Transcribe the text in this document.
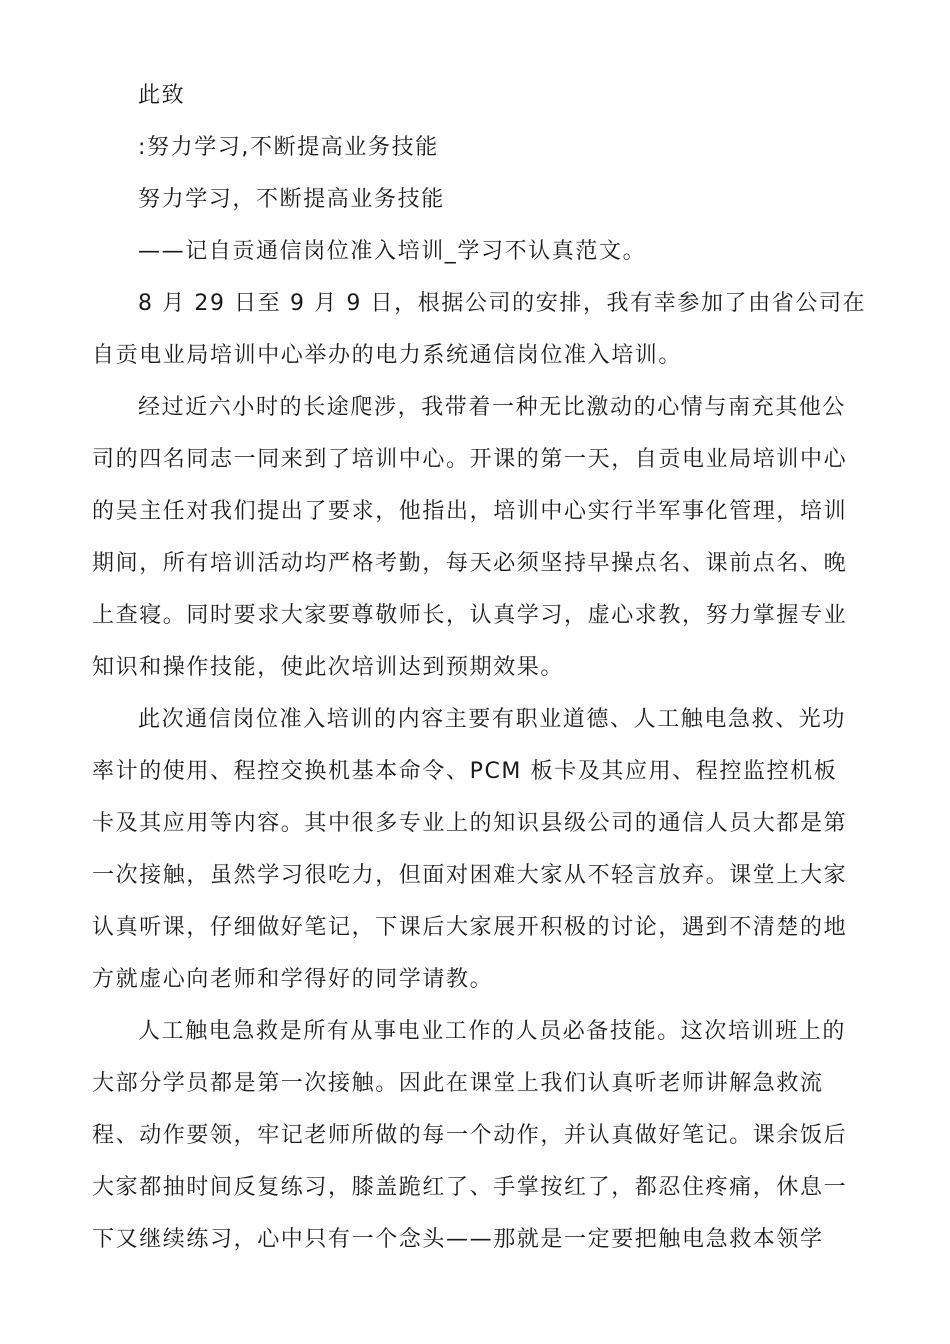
此致
:努力学习,不断提高业务技能
努力学习，不断提高业务技能
——记自贡通信岗位准入培训_学习不认真范文。
8 月 29 日至 9 月 9 日，根据公司的安排，我有幸参加了由省公司在
自贡电业局培训中心举办的电力系统通信岗位准入培训。
经过近六小时的长途爬涉，我带着一种无比激动的心情与南充其他公
司的四名同志一同来到了培训中心。开课的第一天，自贡电业局培训中心
的吴主任对我们提出了要求，他指出，培训中心实行半军事化管理，培训
期间，所有培训活动均严格考勤，每天必须坚持早操点名、课前点名、晚
上查寝。同时要求大家要尊敬师长，认真学习，虚心求教，努力掌握专业
知识和操作技能，使此次培训达到预期效果。
此次通信岗位准入培训的内容主要有职业道德、人工触电急救、光功
率计的使用、程控交换机基本命令、PCM 板卡及其应用、程控监控机板
卡及其应用等内容。其中很多专业上的知识县级公司的通信人员大都是第
一次接触，虽然学习很吃力，但面对困难大家从不轻言放弃。课堂上大家
认真听课，仔细做好笔记，下课后大家展开积极的讨论，遇到不清楚的地
方就虚心向老师和学得好的同学请教。
人工触电急救是所有从事电业工作的人员必备技能。这次培训班上的
大部分学员都是第一次接触。因此在课堂上我们认真听老师讲解急救流
程、动作要领，牢记老师所做的每一个动作，并认真做好笔记。课余饭后
大家都抽时间反复练习，膝盖跪红了、手掌按红了，都忍住疼痛，休息一
下又继续练习，心中只有一个念头——那就是一定要把触电急救本领学
